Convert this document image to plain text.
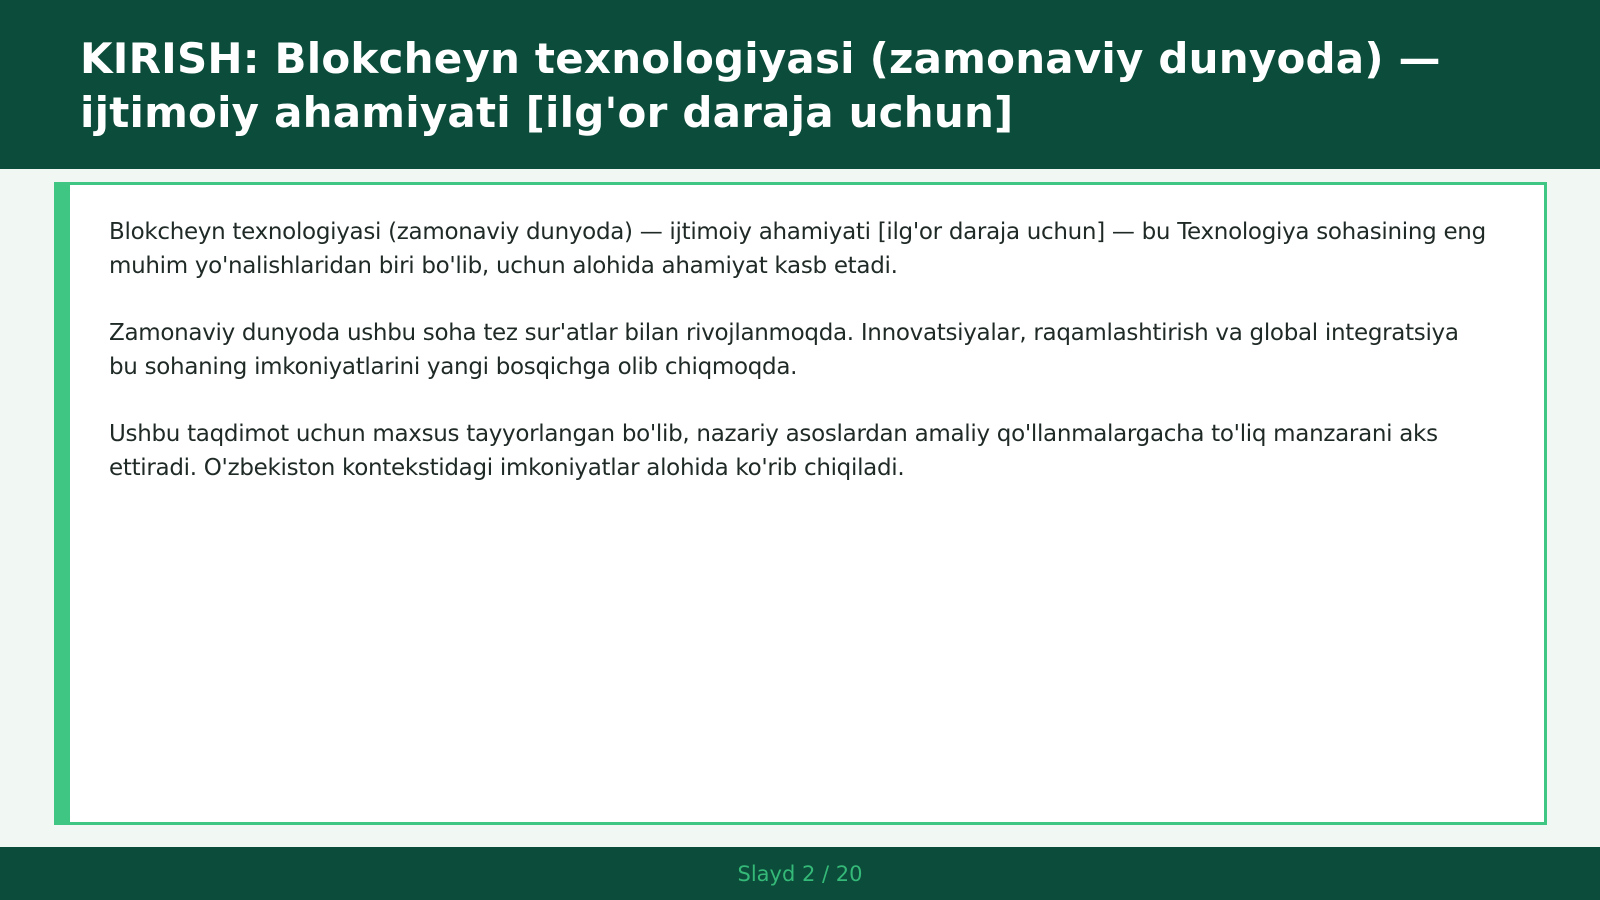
KIRISH: Blokcheyn texnologiyasi (zamonaviy dunyoda) — ijtimoiy ahamiyati [ilg'or daraja uchun]

Blokcheyn texnologiyasi (zamonaviy dunyoda) — ijtimoiy ahamiyati [ilg'or daraja uchun] — bu Texnologiya sohasining eng muhim yo'nalishlaridan biri bo'lib, uchun alohida ahamiyat kasb etadi.

Zamonaviy dunyoda ushbu soha tez sur'atlar bilan rivojlanmoqda. Innovatsiyalar, raqamlashtirish va global integratsiya bu sohaning imkoniyatlarini yangi bosqichga olib chiqmoqda.

Ushbu taqdimot uchun maxsus tayyorlangan bo'lib, nazariy asoslardan amaliy qo'llanmalargacha to'liq manzarani aks ettiradi. O'zbekiston kontekstidagi imkoniyatlar alohida ko'rib chiqiladi.

Slayd 2 / 20
